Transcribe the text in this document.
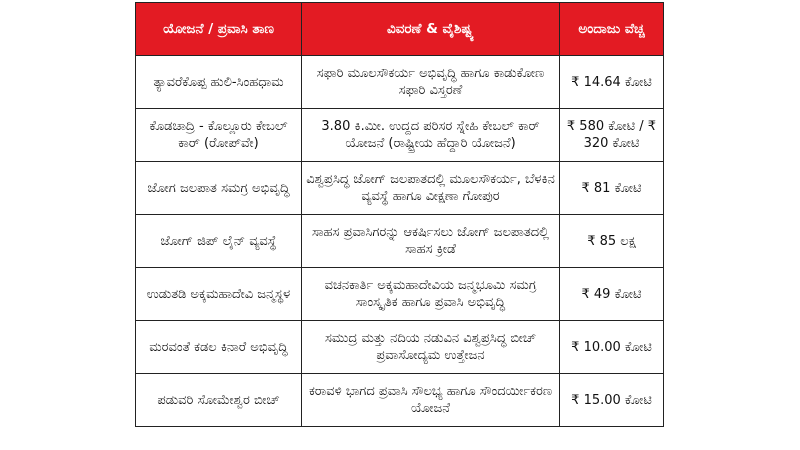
ಯೋಜನೆ / ಪ್ರವಾಸಿ ತಾಣ	ವಿವರಣೆ & ವೈಶಿಷ್ಟ್ಯ	ಅಂದಾಜು ವೆಚ್ಚ
ತ್ಯಾವರೆಕೊಪ್ಪ ಹುಲಿ-ಸಿಂಹಧಾಮ	ಸಫಾರಿ ಮೂಲಸೌಕರ್ಯ ಅಭಿವೃದ್ಧಿ ಹಾಗೂ ಕಾಡುಕೋಣ ಸಫಾರಿ ವಿಸ್ತರಣೆ	₹ 14.64 ಕೋಟಿ
ಕೊಡಚಾದ್ರಿ - ಕೊಲ್ಲೂರು ಕೇಬಲ್ ಕಾರ್ (ರೋಪ್‌ವೇ)	3.80 ಕಿ.ಮೀ. ಉದ್ದದ ಪರಿಸರ ಸ್ನೇಹಿ ಕೇಬಲ್ ಕಾರ್ ಯೋಜನೆ (ರಾಷ್ಟ್ರೀಯ ಹೆದ್ದಾರಿ ಯೋಜನೆ)	₹ 580 ಕೋಟಿ / ₹ 320 ಕೋಟಿ
ಜೋಗ ಜಲಪಾತ ಸಮಗ್ರ ಅಭಿವೃದ್ಧಿ	ವಿಶ್ವಪ್ರಸಿದ್ಧ ಜೋಗ್ ಜಲಪಾತದಲ್ಲಿ ಮೂಲಸೌಕರ್ಯ, ಬೆಳಕಿನ ವ್ಯವಸ್ಥೆ ಹಾಗೂ ವೀಕ್ಷಣಾ ಗೋಪುರ	₹ 81 ಕೋಟಿ
ಜೋಗ್ ಜಿಪ್ ಲೈನ್ ವ್ಯವಸ್ಥೆ	ಸಾಹಸ ಪ್ರವಾಸಿಗರನ್ನು ಆಕರ್ಷಿಸಲು ಜೋಗ್ ಜಲಪಾತದಲ್ಲಿ ಸಾಹಸ ಕ್ರೀಡೆ	₹ 85 ಲಕ್ಷ
ಉಡುತಡಿ ಅಕ್ಕಮಹಾದೇವಿ ಜನ್ಮಸ್ಥಳ	ವಚನಕಾರ್ತಿ ಅಕ್ಕಮಹಾದೇವಿಯ ಜನ್ಮಭೂಮಿ ಸಮಗ್ರ ಸಾಂಸ್ಕೃತಿಕ ಹಾಗೂ ಪ್ರವಾಸಿ ಅಭಿವೃದ್ಧಿ	₹ 49 ಕೋಟಿ
ಮರವಂತೆ ಕಡಲ ಕಿನಾರೆ ಅಭಿವೃದ್ಧಿ	ಸಮುದ್ರ ಮತ್ತು ನದಿಯ ನಡುವಿನ ವಿಶ್ವಪ್ರಸಿದ್ಧ ಬೀಚ್ ಪ್ರವಾಸೋದ್ಯಮ ಉತ್ತೇಜನ	₹ 10.00 ಕೋಟಿ
ಪಡುವರಿ ಸೋಮೇಶ್ವರ ಬೀಚ್	ಕರಾವಳಿ ಭಾಗದ ಪ್ರವಾಸಿ ಸೌಲಭ್ಯ ಹಾಗೂ ಸೌಂದರ್ಯೀಕರಣ ಯೋಜನೆ	₹ 15.00 ಕೋಟಿ
